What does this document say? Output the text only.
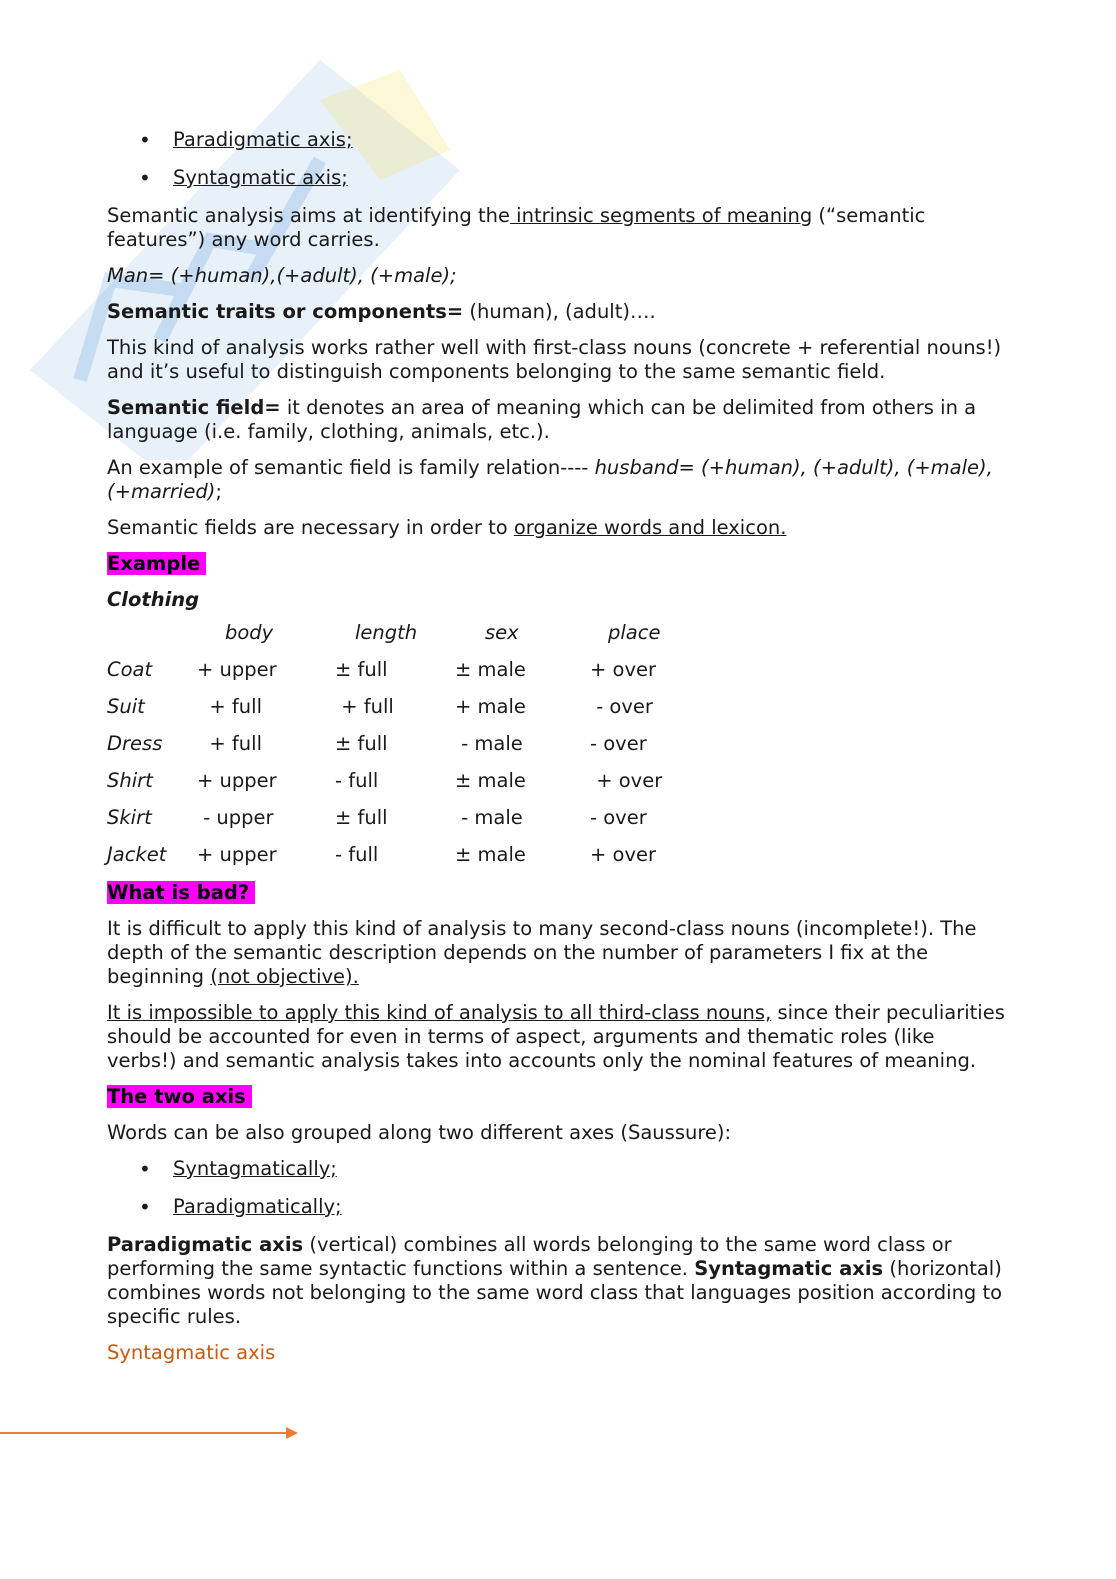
• Paradigmatic axis;
• Syntagmatic axis;

Semantic analysis aims at identifying the intrinsic segments of meaning (“semantic features”) any word carries.

Man= (+human),(+adult), (+male);

Semantic traits or components= (human), (adult)….

This kind of analysis works rather well with first-class nouns (concrete + referential nouns!) and it’s useful to distinguish components belonging to the same semantic field.

Semantic field= it denotes an area of meaning which can be delimited from others in a language (i.e. family, clothing, animals, etc.).

An example of semantic field is family relation---- husband= (+human), (+adult), (+male), (+married);

Semantic fields are necessary in order to organize words and lexicon.

Example

Clothing

	body	length	sex	place
Coat	+ upper	± full	± male	+ over
Suit	+ full	+ full	+ male	- over
Dress	+ full	± full	- male	- over
Shirt	+ upper	- full	± male	+ over
Skirt	- upper	± full	- male	- over
Jacket	+ upper	- full	± male	+ over

What is bad?

It is difficult to apply this kind of analysis to many second-class nouns (incomplete!). The depth of the semantic description depends on the number of parameters I fix at the beginning (not objective).

It is impossible to apply this kind of analysis to all third-class nouns, since their peculiarities should be accounted for even in terms of aspect, arguments and thematic roles (like verbs!) and semantic analysis takes into accounts only the nominal features of meaning.

The two axis

Words can be also grouped along two different axes (Saussure):

• Syntagmatically;
• Paradigmatically;

Paradigmatic axis (vertical) combines all words belonging to the same word class or performing the same syntactic functions within a sentence. Syntagmatic axis (horizontal) combines words not belonging to the same word class that languages position according to specific rules.

Syntagmatic axis
